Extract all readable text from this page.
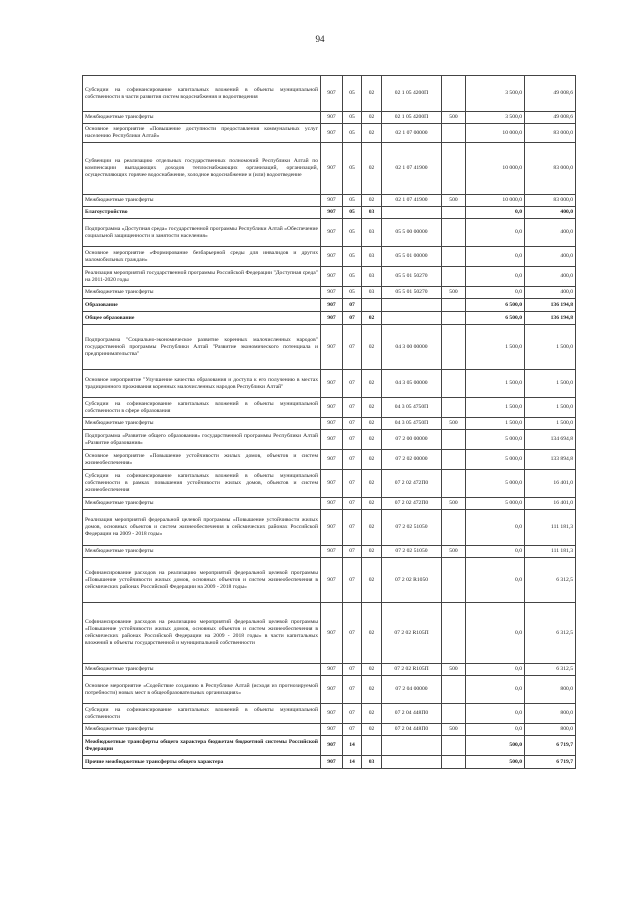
94
Субсидии на софинансирование капитальных вложений в объекты муниципальной собственности в части развития систем водоснабжения и водоотведения	907	05	02	02 1 05 4200П		3 500,0	49 008,6
Межбюджетные трансферты	907	05	02	02 1 05 4200П	500	3 500,0	49 008,6
Основное мероприятие «Повышение доступности предоставления коммунальных услуг населению Республики Алтай»	907	05	02	02 1 07 00000		10 000,0	83 000,0
Субвенции на реализацию отдельных государственных полномочий Республики Алтай по компенсации выпадающих доходов теплоснабжающих организаций, организаций, осуществляющих горячее водоснабжение, холодное водоснабжение и (или) водоотведение	907	05	02	02 1 07 41900		10 000,0	83 000,0
Межбюджетные трансферты	907	05	02	02 1 07 41900	500	10 000,0	83 000,0
Благоустройство	907	05	03			0,0	400,0
Подпрограмма «Доступная среда» государственной программы Республики Алтай «Обеспечение социальной защищенности и занятости населения»	907	05	03	05 5 00 00000		0,0	400,0
Основное мероприятие «Формирование безбарьерной среды для инвалидов и других маломобильных граждан»	907	05	03	05 5 01 00000		0,0	400,0
Реализация мероприятий государственной программы Российской Федерации "Доступная среда" на 2011-2020 годы	907	05	03	05 5 01 50270		0,0	400,0
Межбюджетные трансферты	907	05	03	05 5 01 50270	500	0,0	400,0
Образование	907	07				6 500,0	136 194,8
Общее образование	907	07	02			6 500,0	136 194,8
Подпрограмма "Социально-экономическое развитие коренных малочисленных народов" государственной программы Республики Алтай "Развитие экономического потенциала и предпринимательства"	907	07	02	04 3 00 00000		1 500,0	1 500,0
Основное мероприятие "Улучшение качества образования и доступа к его получению в местах традиционного проживания коренных малочисленных народов Республики Алтай"	907	07	02	04 3 05 00000		1 500,0	1 500,0
Субсидии на софинансирование капитальных вложений в объекты муниципальной собственности в сфере образования	907	07	02	04 3 05 4750П		1 500,0	1 500,0
Межбюджетные трансферты	907	07	02	04 3 05 4750П	500	1 500,0	1 500,0
Подпрограмма «Развитие общего образования» государственной программы Республики Алтай «Развитие образования»	907	07	02	07 2 00 00000		5 000,0	134 694,8
Основное мероприятие «Повышение устойчивости жилых домов, объектов и систем жизнеобеспечения»	907	07	02	07 2 02 00000		5 000,0	133 894,8
Субсидии на софинансирование капитальных вложений в объекты муниципальной собственности в рамках повышения устойчивости жилых домов, объектов и систем жизнеобеспечения	907	07	02	07 2 02 472П0		5 000,0	16 401,0
Межбюджетные трансферты	907	07	02	07 2 02 472П0	500	5 000,0	16 401,0
Реализация мероприятий федеральной целевой программы «Повышение устойчивости жилых домов, основных объектов и систем жизнеобеспечения в сейсмических районах Российской Федерации на 2009 - 2018 годы»	907	07	02	07 2 02 51050		0,0	111 181,3
Межбюджетные трансферты	907	07	02	07 2 02 51050	500	0,0	111 181,3
Софинансирование расходов на реализацию мероприятий федеральной целевой программы «Повышение устойчивости жилых домов, основных объектов и систем жизнеобеспечения в сейсмических районах Российской Федерации на 2009 - 2018 годы»	907	07	02	07 2 02 R1050		0,0	6 312,5
Софинансирование расходов на реализацию мероприятий федеральной целевой программы «Повышение устойчивости жилых домов, основных объектов и систем жизнеобеспечения в сейсмических районах Российской Федерации на 2009 - 2018 годы» в части капитальных вложений в объекты государственной и муниципальной собственности	907	07	02	07 2 02 R105П		0,0	6 312,5
Межбюджетные трансферты	907	07	02	07 2 02 R105П	500	0,0	6 312,5
Основное мероприятие «Содействие созданию в Республике Алтай (исходя из прогнозируемой потребности) новых мест в общеобразовательных организациях»	907	07	02	07 2 04 00000		0,0	800,0
Субсидии на софинансирование капитальных вложений в объекты муниципальной собственности	907	07	02	07 2 04 448П0		0,0	800,0
Межбюджетные трансферты	907	07	02	07 2 04 448П0	500	0,0	800,0
Межбюджетные трансферты общего характера бюджетам бюджетной системы Российской Федерации	907	14				500,0	6 719,7
Прочие межбюджетные трансферты общего характера	907	14	03			500,0	6 719,7
